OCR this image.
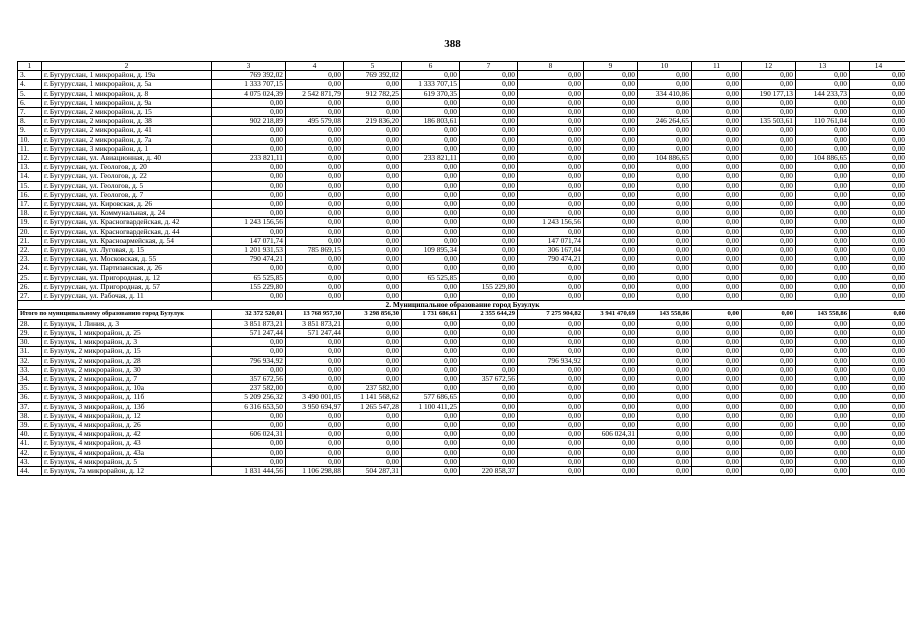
388
1	2	3	4	5	6	7	8	9	10	11	12	13	14
3.	г. Бугуруслан, 1 микрорайон, д. 19а	769 392,02	0,00	769 392,02	0,00	0,00	0,00	0,00	0,00	0,00	0,00	0,00	0,00
4.	г. Бугуруслан, 1 микрорайон, д. 5а	1 333 707,15	0,00	0,00	1 333 707,15	0,00	0,00	0,00	0,00	0,00	0,00	0,00	0,00
5.	г. Бугуруслан, 1 микрорайон, д. 8	4 075 024,39	2 542 871,79	912 782,25	619 370,35	0,00	0,00	0,00	334 410,86	0,00	190 177,13	144 233,73	0,00
6.	г. Бугуруслан, 1 микрорайон, д. 9а	0,00	0,00	0,00	0,00	0,00	0,00	0,00	0,00	0,00	0,00	0,00	0,00
7.	г. Бугуруслан, 2 микрорайон, д. 15	0,00	0,00	0,00	0,00	0,00	0,00	0,00	0,00	0,00	0,00	0,00	0,00
8.	г. Бугуруслан, 2 микрорайон, д. 38	902 218,89	495 579,08	219 836,20	186 803,61	0,00	0,00	0,00	246 264,65	0,00	135 503,61	110 761,04	0,00
9.	г. Бугуруслан, 2 микрорайон, д. 41	0,00	0,00	0,00	0,00	0,00	0,00	0,00	0,00	0,00	0,00	0,00	0,00
10.	г. Бугуруслан, 2 микрорайон, д. 7а	0,00	0,00	0,00	0,00	0,00	0,00	0,00	0,00	0,00	0,00	0,00	0,00
11.	г. Бугуруслан, 3 микрорайон, д. 1	0,00	0,00	0,00	0,00	0,00	0,00	0,00	0,00	0,00	0,00	0,00	0,00
12.	г. Бугуруслан, ул. Авиационная, д. 40	233 821,11	0,00	0,00	233 821,11	0,00	0,00	0,00	104 886,65	0,00	0,00	104 886,65	0,00
13.	г. Бугуруслан, ул. Геологов, д. 20	0,00	0,00	0,00	0,00	0,00	0,00	0,00	0,00	0,00	0,00	0,00	0,00
14.	г. Бугуруслан, ул. Геологов, д. 22	0,00	0,00	0,00	0,00	0,00	0,00	0,00	0,00	0,00	0,00	0,00	0,00
15.	г. Бугуруслан, ул. Геологов, д. 5	0,00	0,00	0,00	0,00	0,00	0,00	0,00	0,00	0,00	0,00	0,00	0,00
16.	г. Бугуруслан, ул. Геологов, д. 7	0,00	0,00	0,00	0,00	0,00	0,00	0,00	0,00	0,00	0,00	0,00	0,00
17.	г. Бугуруслан, ул. Кировская, д. 26	0,00	0,00	0,00	0,00	0,00	0,00	0,00	0,00	0,00	0,00	0,00	0,00
18.	г. Бугуруслан, ул. Коммунальная, д. 24	0,00	0,00	0,00	0,00	0,00	0,00	0,00	0,00	0,00	0,00	0,00	0,00
19.	г. Бугуруслан, ул. Красногвардейская, д. 42	1 243 156,56	0,00	0,00	0,00	0,00	1 243 156,56	0,00	0,00	0,00	0,00	0,00	0,00
20.	г. Бугуруслан, ул. Красногвардейская, д. 44	0,00	0,00	0,00	0,00	0,00	0,00	0,00	0,00	0,00	0,00	0,00	0,00
21.	г. Бугуруслан, ул. Красноармейская, д. 54	147 071,74	0,00	0,00	0,00	0,00	147 071,74	0,00	0,00	0,00	0,00	0,00	0,00
22.	г. Бугуруслан, ул. Луговая, д. 15	1 201 931,53	785 869,15	0,00	109 895,34	0,00	306 167,04	0,00	0,00	0,00	0,00	0,00	0,00
23.	г. Бугуруслан, ул. Московская, д. 55	790 474,21	0,00	0,00	0,00	0,00	790 474,21	0,00	0,00	0,00	0,00	0,00	0,00
24.	г. Бугуруслан, ул. Партизанская, д. 26	0,00	0,00	0,00	0,00	0,00	0,00	0,00	0,00	0,00	0,00	0,00	0,00
25.	г. Бугуруслан, ул. Пригородная, д. 12	65 525,85	0,00	0,00	65 525,85	0,00	0,00	0,00	0,00	0,00	0,00	0,00	0,00
26.	г. Бугуруслан, ул. Пригородная, д. 57	155 229,80	0,00	0,00	0,00	155 229,80	0,00	0,00	0,00	0,00	0,00	0,00	0,00
27.	г. Бугуруслан, ул. Рабочая, д. 11	0,00	0,00	0,00	0,00	0,00	0,00	0,00	0,00	0,00	0,00	0,00	0,00
2. Муниципальное образование город Бузулук													
Итого по муниципальному образованию город Бузулук		32 372 520,01	13 768 957,30	3 298 856,30	1 731 686,61	2 355 644,29	7 275 904,82	3 941 470,69	143 558,86	0,00	0,00	143 558,86	0,00
28.	г. Бузулук, 1 Линия, д. 3	3 851 873,21	3 851 873,21	0,00	0,00	0,00	0,00	0,00	0,00	0,00	0,00	0,00	0,00
29.	г. Бузулук, 1 микрорайон, д. 25	571 247,44	571 247,44	0,00	0,00	0,00	0,00	0,00	0,00	0,00	0,00	0,00	0,00
30.	г. Бузулук, 1 микрорайон, д. 3	0,00	0,00	0,00	0,00	0,00	0,00	0,00	0,00	0,00	0,00	0,00	0,00
31.	г. Бузулук, 2 микрорайон, д. 15	0,00	0,00	0,00	0,00	0,00	0,00	0,00	0,00	0,00	0,00	0,00	0,00
32.	г. Бузулук, 2 микрорайон, д. 28	796 934,92	0,00	0,00	0,00	0,00	796 934,92	0,00	0,00	0,00	0,00	0,00	0,00
33.	г. Бузулук, 2 микрорайон, д. 30	0,00	0,00	0,00	0,00	0,00	0,00	0,00	0,00	0,00	0,00	0,00	0,00
34.	г. Бузулук, 2 микрорайон, д. 7	357 672,56	0,00	0,00	0,00	357 672,56	0,00	0,00	0,00	0,00	0,00	0,00	0,00
35.	г. Бузулук, 3 микрорайон, д. 10а	237 582,00	0,00	237 582,00	0,00	0,00	0,00	0,00	0,00	0,00	0,00	0,00	0,00
36.	г. Бузулук, 3 микрорайон, д. 11б	5 209 256,32	3 490 001,05	1 141 568,62	577 686,65	0,00	0,00	0,00	0,00	0,00	0,00	0,00	0,00
37.	г. Бузулук, 3 микрорайон, д. 13б	6 316 653,50	3 950 694,97	1 265 547,28	1 100 411,25	0,00	0,00	0,00	0,00	0,00	0,00	0,00	0,00
38.	г. Бузулук, 4 микрорайон, д. 12	0,00	0,00	0,00	0,00	0,00	0,00	0,00	0,00	0,00	0,00	0,00	0,00
39.	г. Бузулук, 4 микрорайон, д. 26	0,00	0,00	0,00	0,00	0,00	0,00	0,00	0,00	0,00	0,00	0,00	0,00
40.	г. Бузулук, 4 микрорайон, д. 42	606 024,31	0,00	0,00	0,00	0,00	0,00	606 024,31	0,00	0,00	0,00	0,00	0,00
41.	г. Бузулук, 4 микрорайон, д. 43	0,00	0,00	0,00	0,00	0,00	0,00	0,00	0,00	0,00	0,00	0,00	0,00
42.	г. Бузулук, 4 микрорайон, д. 43а	0,00	0,00	0,00	0,00	0,00	0,00	0,00	0,00	0,00	0,00	0,00	0,00
43.	г. Бузулук, 4 микрорайон, д. 5	0,00	0,00	0,00	0,00	0,00	0,00	0,00	0,00	0,00	0,00	0,00	0,00
44.	г. Бузулук, 7а микрорайон, д. 12	1 831 444,56	1 106 298,88	504 287,31	0,00	220 858,37	0,00	0,00	0,00	0,00	0,00	0,00	0,00
